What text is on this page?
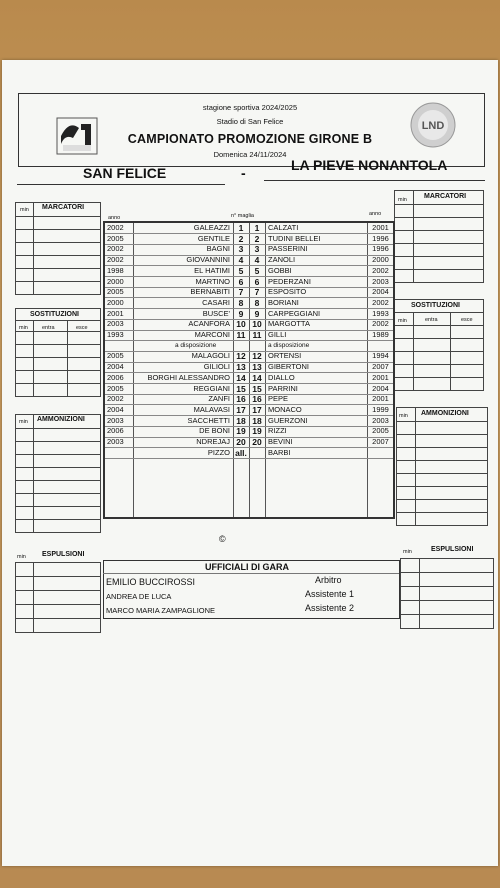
LND
stagione sportiva 2024/2025
Stadio di San Felice
CAMPIONATO PROMOZIONE GIRONE B
Domenica 24/11/2024
SAN FELICE	-	LA PIEVE NONANTOLA
anno	n° maglia	anno
min MARCATORI

SOSTITUZIONI
min	entra	esce

min AMMONIZIONI

min MARCATORI

SOSTITUZIONI
min	entra	esce

min AMMONIZIONI

2002	GALEAZZI	1	1	CALZATI	2001
2005	GENTILE	2	2	TUDINI BELLEI	1996
2002	BAGNI	3	3	PASSERINI	1996
2002	GIOVANNINI	4	4	ZANOLI	2000
1998	EL HATIMI	5	5	GOBBI	2002
2000	MARTINO	6	6	PEDERZANI	2003
2005	BERNABITI	7	7	ESPOSITO	2004
2000	CASARI	8	8	BORIANI	2002
2001	BUSCE'	9	9	CARPEGGIANI	1993
2003	ACANFORA 10 10 MARGOTTA	2002
1993	MARCONI 11 11 GILLI	1989
a disposizione	a disposizione
2005	MALAGOLI 12 12 ORTENSI	1994
2004	GILIOLI 13 13 GIBERTONI	2007
2006	BORGHI ALESSANDRO 14 14 DIALLO	2001
2005	REGGIANI 15 15 PARRINI	2004
2002	ZANFI 16 16 PEPE	2001
2004	MALAVASI 17 17 MONACO	1999
2003	SACCHETTI 18 18 GUERZONI	2003
2006	DE BONI 19 19 RIZZI	2005
2003	NDREJAJ 20 20 BEVINI	2007
PIZZO all.	BARBI
©
min ESPULSIONI

		min	ESPULSIONI

UFFICIALI DI GARA
EMILIO BUCCIROSSI	Arbitro
ANDREA DE LUCA	Assistente 1
MARCO MARIA ZAMPAGLIONE	Assistente 2
